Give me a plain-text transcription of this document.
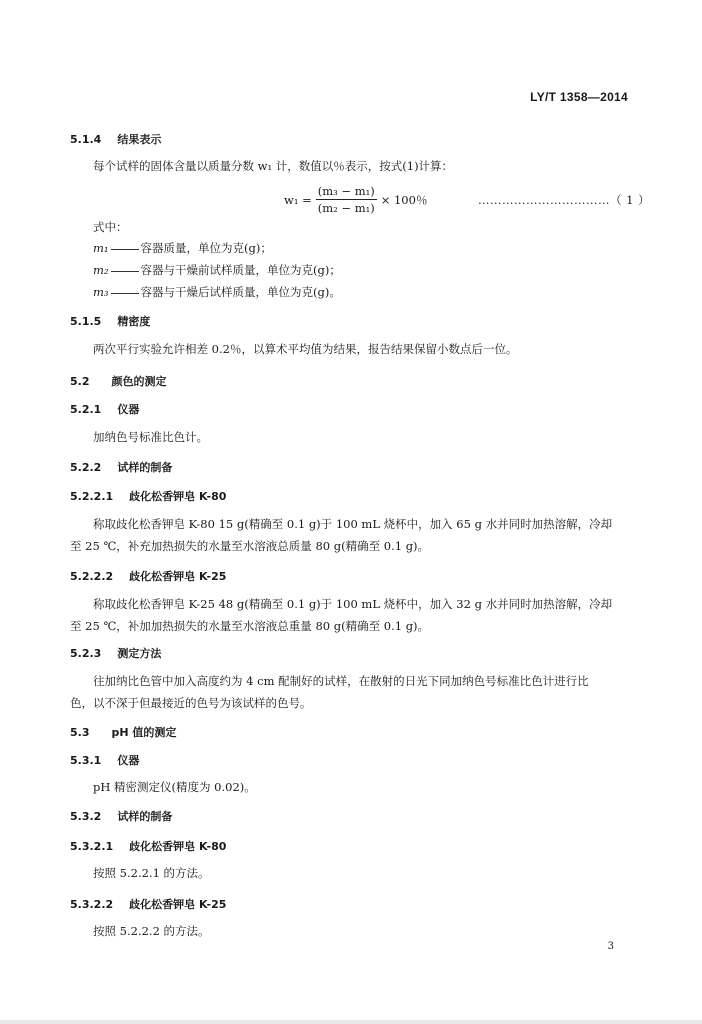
LY/T 1358—2014
5.1.4 结果表示
每个试样的固体含量以质量分数 w₁ 计，数值以％表示，按式(1)计算：
$w_1 = \frac{\text{(m₃ − m₁)}}{\text{(m₂ − m₁)}} \times 100$％	……………………………（ 1 ）
式中：
m₁	容器质量，单位为克(g)；
m₂	容器与干燥前试样质量，单位为克(g)；
m₃	容器与干燥后试样质量，单位为克(g)。
5.1.5 精密度
两次平行实验允许相差 0.2％，以算术平均值为结果，报告结果保留小数点后一位。
5.2 颜色的测定
5.2.1 仪器
加纳色号标准比色计。
5.2.2 试样的制备
5.2.2.1 歧化松香钾皂 K-80
称取歧化松香钾皂 K-80 15 g(精确至 0.1 g)于 100 mL 烧杯中，加入 65 g 水并同时加热溶解，冷却
至 25 ℃，补充加热损失的水量至水溶液总质量 80 g(精确至 0.1 g)。
5.2.2.2 歧化松香钾皂 K-25
称取歧化松香钾皂 K-25 48 g(精确至 0.1 g)于 100 mL 烧杯中，加入 32 g 水并同时加热溶解，冷却
至 25 ℃，补加加热损失的水量至水溶液总重量 80 g(精确至 0.1 g)。
5.2.3 测定方法
往加纳比色管中加入高度约为 4 cm 配制好的试样，在散射的日光下同加纳色号标准比色计进行比
色，以不深于但最接近的色号为该试样的色号。
5.3 pH 值的测定
5.3.1 仪器
pH 精密测定仪(精度为 0.02)。
5.3.2 试样的制备
5.3.2.1 歧化松香钾皂 K-80
按照 5.2.2.1 的方法。
5.3.2.2 歧化松香钾皂 K-25
按照 5.2.2.2 的方法。
3
